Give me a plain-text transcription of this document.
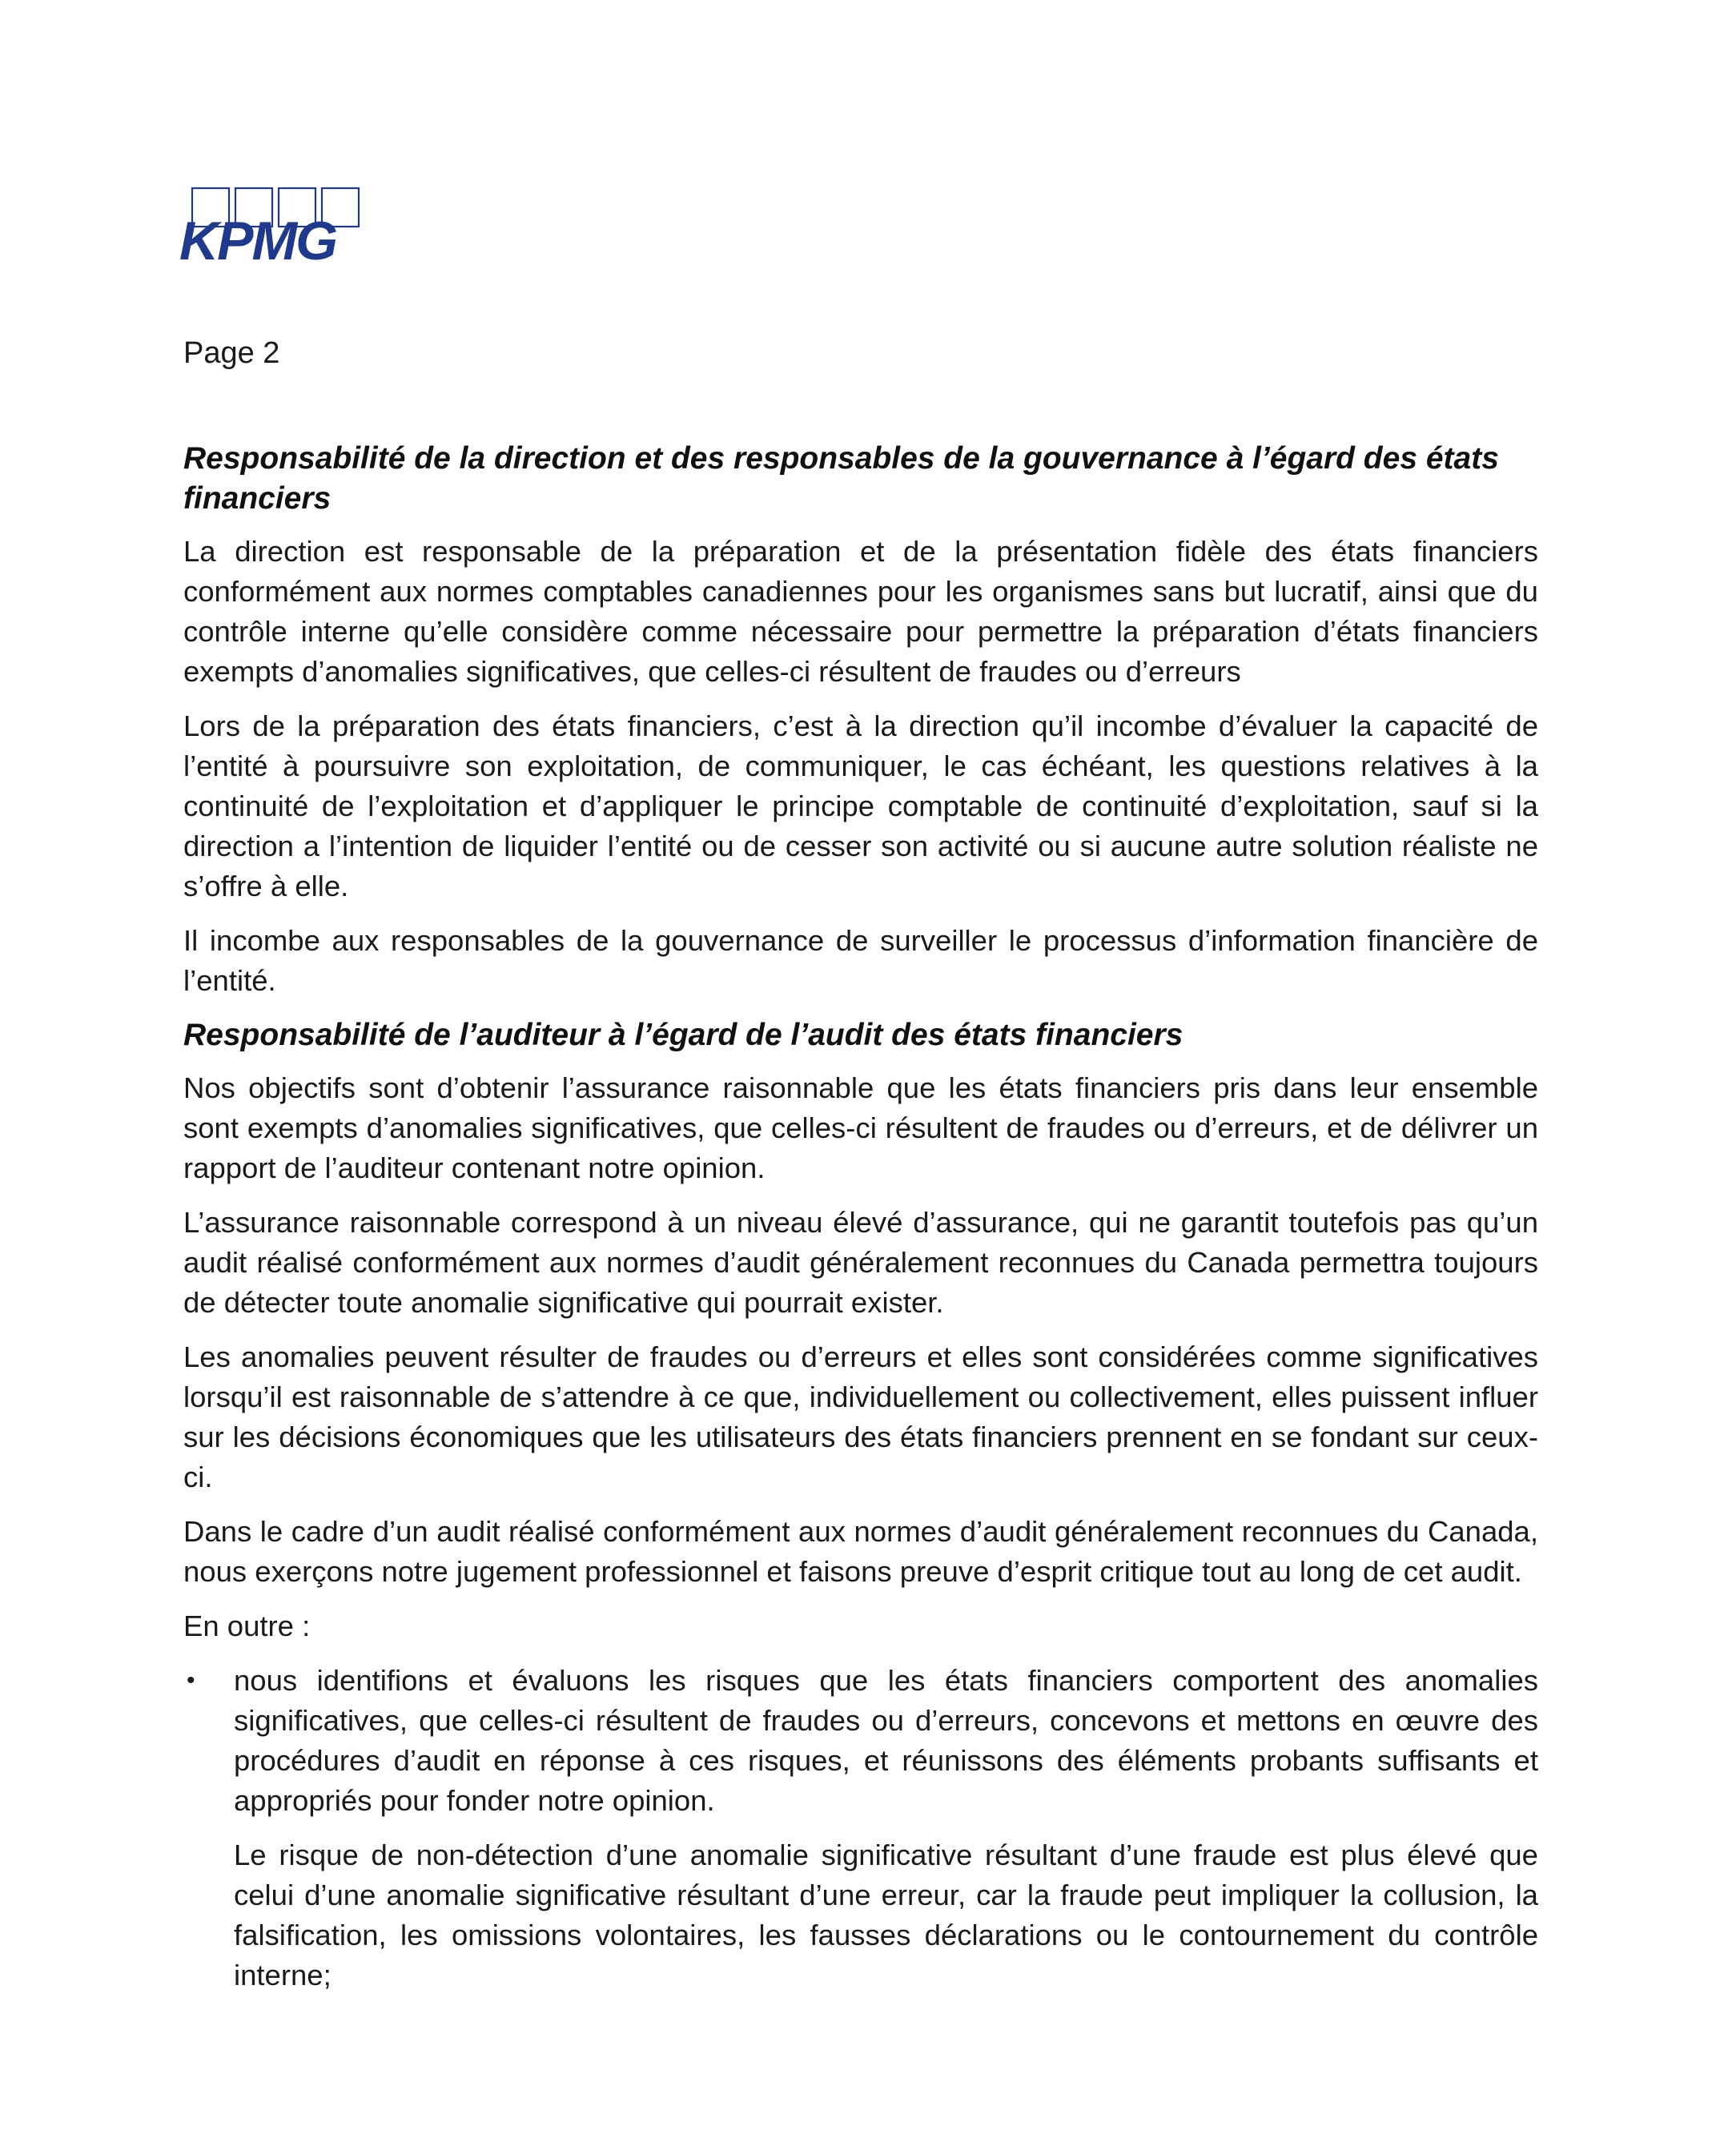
KPMG

Page 2

Responsabilité de la direction et des responsables de la gouvernance à l’égard des états financiers

La direction est responsable de la préparation et de la présentation fidèle des états financiers conformément aux normes comptables canadiennes pour les organismes sans but lucratif, ainsi que du contrôle interne qu’elle considère comme nécessaire pour permettre la préparation d’états financiers exempts d’anomalies significatives, que celles-ci résultent de fraudes ou d’erreurs

Lors de la préparation des états financiers, c’est à la direction qu’il incombe d’évaluer la capacité de l’entité à poursuivre son exploitation, de communiquer, le cas échéant, les questions relatives à la continuité de l’exploitation et d’appliquer le principe comptable de continuité d’exploitation, sauf si la direction a l’intention de liquider l’entité ou de cesser son activité ou si aucune autre solution réaliste ne s’offre à elle.

Il incombe aux responsables de la gouvernance de surveiller le processus d’information financière de l’entité.

Responsabilité de l’auditeur à l’égard de l’audit des états financiers

Nos objectifs sont d’obtenir l’assurance raisonnable que les états financiers pris dans leur ensemble sont exempts d’anomalies significatives, que celles-ci résultent de fraudes ou d’erreurs, et de délivrer un rapport de l’auditeur contenant notre opinion.

L’assurance raisonnable correspond à un niveau élevé d’assurance, qui ne garantit toutefois pas qu’un audit réalisé conformément aux normes d’audit généralement reconnues du Canada permettra toujours de détecter toute anomalie significative qui pourrait exister.

Les anomalies peuvent résulter de fraudes ou d’erreurs et elles sont considérées comme significatives lorsqu’il est raisonnable de s’attendre à ce que, individuellement ou collectivement, elles puissent influer sur les décisions économiques que les utilisateurs des états financiers prennent en se fondant sur ceux-ci.

Dans le cadre d’un audit réalisé conformément aux normes d’audit généralement reconnues du Canada, nous exerçons notre jugement professionnel et faisons preuve d’esprit critique tout au long de cet audit.

En outre :

• nous identifions et évaluons les risques que les états financiers comportent des anomalies significatives, que celles-ci résultent de fraudes ou d’erreurs, concevons et mettons en œuvre des procédures d’audit en réponse à ces risques, et réunissons des éléments probants suffisants et appropriés pour fonder notre opinion.

Le risque de non-détection d’une anomalie significative résultant d’une fraude est plus élevé que celui d’une anomalie significative résultant d’une erreur, car la fraude peut impliquer la collusion, la falsification, les omissions volontaires, les fausses déclarations ou le contournement du contrôle interne;
